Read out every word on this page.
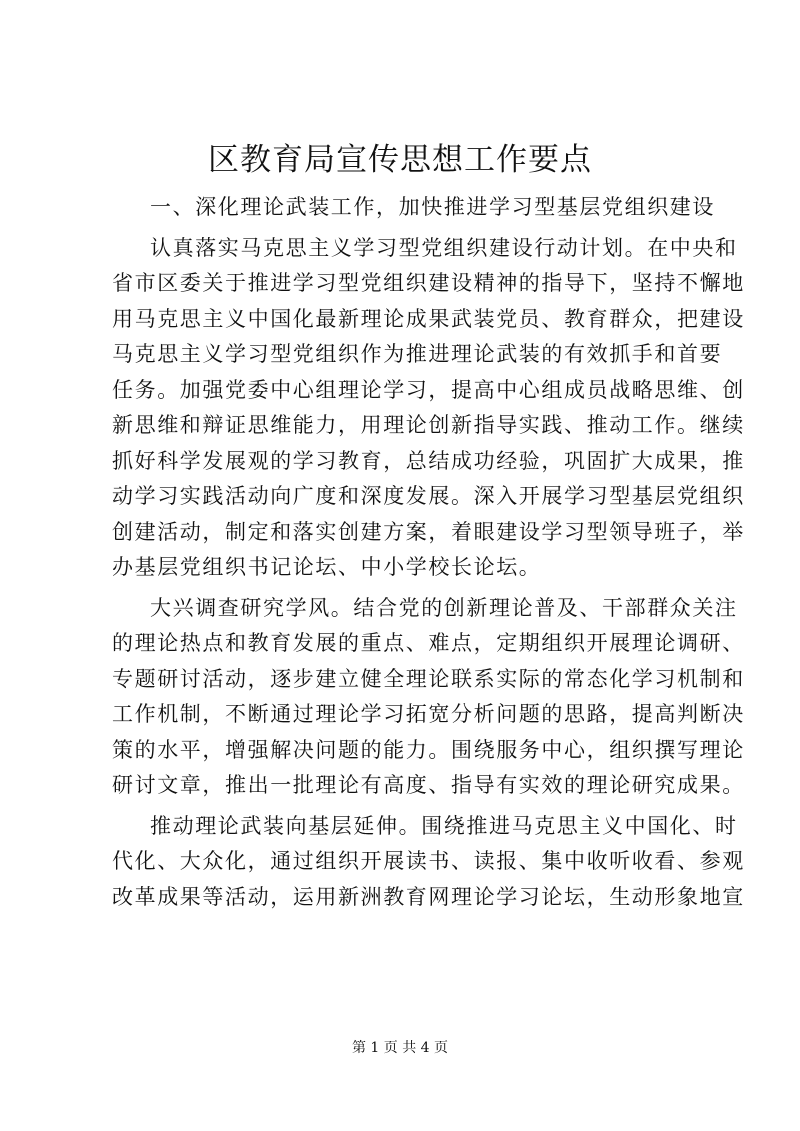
区教育局宣传思想工作要点
一、深化理论武装工作，加快推进学习型基层党组织建设
认真落实马克思主义学习型党组织建设行动计划。在中央和
省市区委关于推进学习型党组织建设精神的指导下，坚持不懈地
用马克思主义中国化最新理论成果武装党员、教育群众，把建设
马克思主义学习型党组织作为推进理论武装的有效抓手和首要
任务。加强党委中心组理论学习，提高中心组成员战略思维、创
新思维和辩证思维能力，用理论创新指导实践、推动工作。继续
抓好科学发展观的学习教育，总结成功经验，巩固扩大成果，推
动学习实践活动向广度和深度发展。深入开展学习型基层党组织
创建活动，制定和落实创建方案，着眼建设学习型领导班子，举
办基层党组织书记论坛、中小学校长论坛。
大兴调查研究学风。结合党的创新理论普及、干部群众关注
的理论热点和教育发展的重点、难点，定期组织开展理论调研、
专题研讨活动，逐步建立健全理论联系实际的常态化学习机制和
工作机制，不断通过理论学习拓宽分析问题的思路，提高判断决
策的水平，增强解决问题的能力。围绕服务中心，组织撰写理论
研讨文章，推出一批理论有高度、指导有实效的理论研究成果。
推动理论武装向基层延伸。围绕推进马克思主义中国化、时
代化、大众化，通过组织开展读书、读报、集中收听收看、参观
改革成果等活动，运用新洲教育网理论学习论坛，生动形象地宣
第 1 页 共 4 页
